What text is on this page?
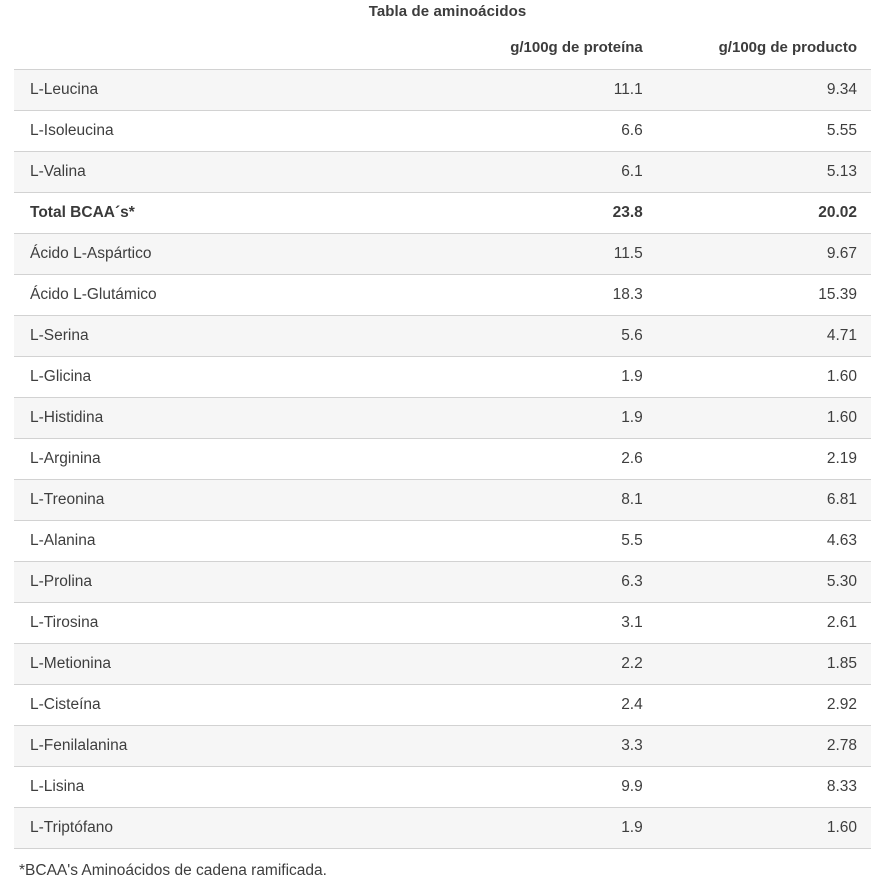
Tabla de aminoácidos

	g/100g de proteína	g/100g de producto
L-Leucina	11.1	9.34
L-Isoleucina	6.6	5.55
L-Valina	6.1	5.13
Total BCAA´s*	23.8	20.02
Ácido L-Aspártico	11.5	9.67
Ácido L-Glutámico	18.3	15.39
L-Serina	5.6	4.71
L-Glicina	1.9	1.60
L-Histidina	1.9	1.60
L-Arginina	2.6	2.19
L-Treonina	8.1	6.81
L-Alanina	5.5	4.63
L-Prolina	6.3	5.30
L-Tirosina	3.1	2.61
L-Metionina	2.2	1.85
L-Cisteína	2.4	2.92
L-Fenilalanina	3.3	2.78
L-Lisina	9.9	8.33
L-Triptófano	1.9	1.60

*BCAA's Aminoácidos de cadena ramificada.
